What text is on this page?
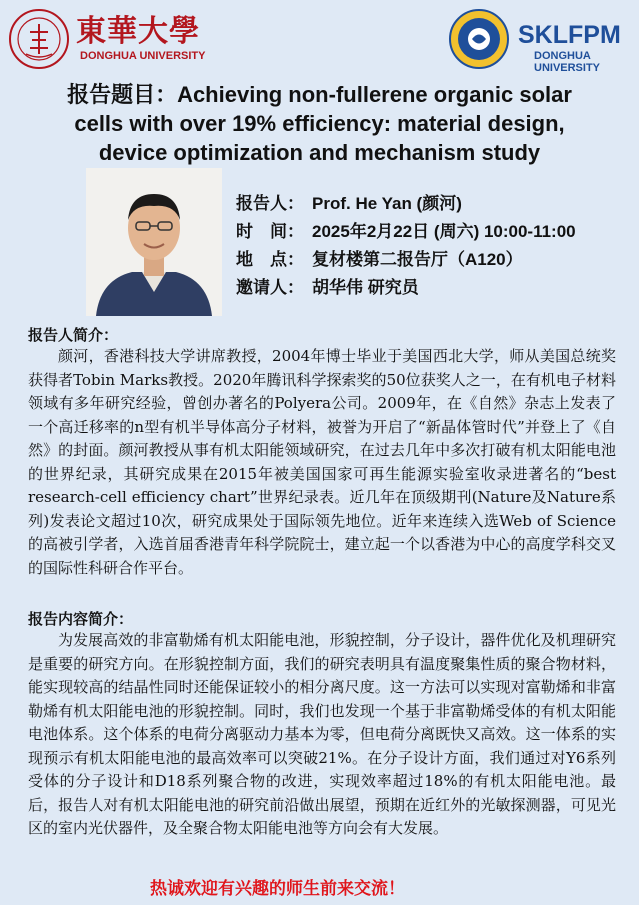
東華大學
DONGHUA UNIVERSITY
SKLFPM
DONGHUA UNIVERSITY
报告题目：Achieving non-fullerene organic solar
cells with over 19% efficiency: material design,
device optimization and mechanism study
报告人： Prof. He Yan (颜河)
时　间： 2025年2月22日 (周六) 10:00-11:00
地　点： 复材楼第二报告厅（A120）
邀请人： 胡华伟 研究员
报告人简介：

颜河，香港科技大学讲席教授，2004年博士毕业于美国西北大学，师从美国总统奖获得者Tobin Marks教授。2020年腾讯科学探索奖的50位获奖人之一，在有机电子材料领域有多年研究经验，曾创办著名的Polyera公司。2009年，在《自然》杂志上发表了一个高迁移率的n型有机半导体高分子材料，被誉为开启了“新晶体管时代”并登上了《自然》的封面。颜河教授从事有机太阳能领域研究，在过去几年中多次打破有机太阳能电池的世界纪录，其研究成果在2015年被美国国家可再生能源实验室收录进著名的“best research-cell efficiency chart”世界纪录表。近几年在顶级期刊(Nature及Nature系列)发表论文超过10次，研究成果处于国际领先地位。近年来连续入选Web of Science的高被引学者，入选首届香港青年科学院院士，建立起一个以香港为中心的高度学科交叉的国际性科研合作平台。

报告内容简介：

为发展高效的非富勒烯有机太阳能电池，形貌控制，分子设计，器件优化及机理研究是重要的研究方向。在形貌控制方面，我们的研究表明具有温度聚集性质的聚合物材料，能实现较高的结晶性同时还能保证较小的相分离尺度。这一方法可以实现对富勒烯和非富勒烯有机太阳能电池的形貌控制。同时，我们也发现一个基于非富勒烯受体的有机太阳能电池体系。这个体系的电荷分离驱动力基本为零，但电荷分离既快又高效。这一体系的实现预示有机太阳能电池的最高效率可以突破21%。在分子设计方面，我们通过对Y6系列受体的分子设计和D18系列聚合物的改进，实现效率超过18%的有机太阳能电池。最后，报告人对有机太阳能电池的研究前沿做出展望，预期在近红外的光敏探测器，可见光区的室内光伏器件，及全聚合物太阳能电池等方向会有大发展。

热诚欢迎有兴趣的师生前来交流！
